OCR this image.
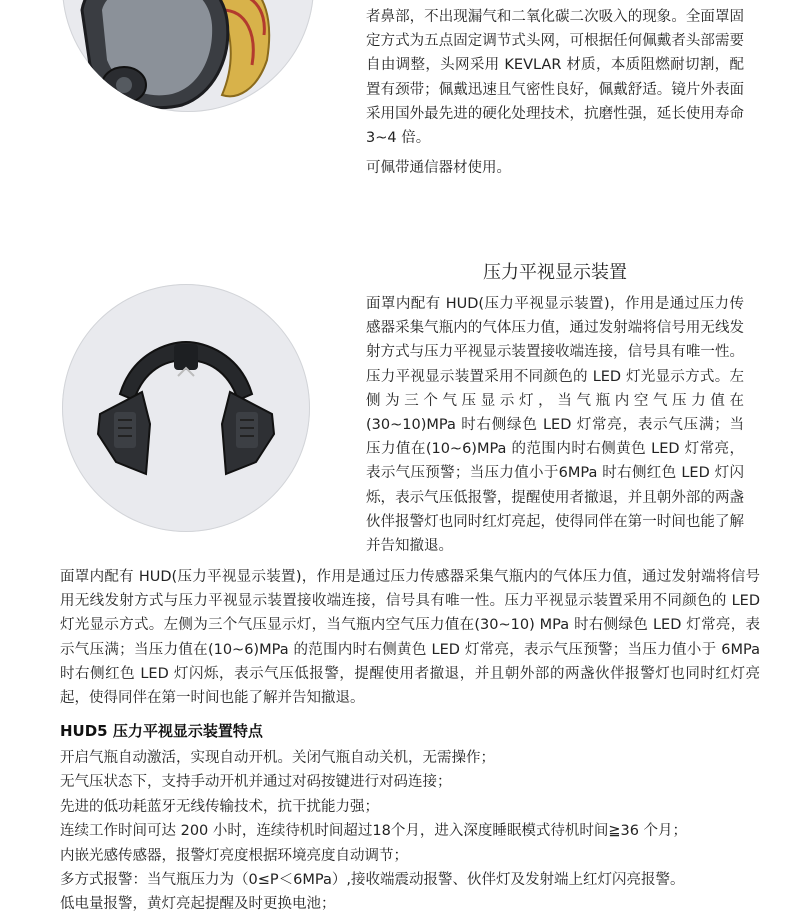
者鼻部，不出现漏气和二氧化碳二次吸入的现象。全面罩固定方式为五点固定调节式头网，可根据任何佩戴者头部需要自由调整，头网采用 KEVLAR 材质，本质阻燃耐切割，配置有颈带；佩戴迅速且气密性良好，佩戴舒适。镜片外表面采用国外最先进的硬化处理技术，抗磨性强，延长使用寿命 3~4 倍。

可佩带通信器材使用。

压力平视显示装置

面罩内配有 HUD(压力平视显示装置)，作用是通过压力传感器采集气瓶内的气体压力值，通过发射端将信号用无线发射方式与压力平视显示装置接收端连接，信号具有唯一性。压力平视显示装置采用不同颜色的 LED 灯光显示方式。左侧为三个气压显示灯，当气瓶内空气压力值在(30~10)MPa 时右侧绿色 LED 灯常亮，表示气压满；当压力值在(10~6)MPa 的范围内时右侧黄色 LED 灯常亮，表示气压预警；当压力值小于6MPa 时右侧红色 LED 灯闪烁，表示气压低报警，提醒使用者撤退，并且朝外部的两盏伙伴报警灯也同时红灯亮起，使得同伴在第一时间也能了解并告知撤退。

面罩内配有 HUD(压力平视显示装置)，作用是通过压力传感器采集气瓶内的气体压力值，通过发射端将信号用无线发射方式与压力平视显示装置接收端连接，信号具有唯一性。压力平视显示装置采用不同颜色的 LED 灯光显示方式。左侧为三个气压显示灯，当气瓶内空气压力值在(30~10) MPa 时右侧绿色 LED 灯常亮，表示气压满；当压力值在(10~6)MPa 的范围内时右侧黄色 LED 灯常亮，表示气压预警；当压力值小于 6MPa 时右侧红色 LED 灯闪烁，表示气压低报警，提醒使用者撤退，并且朝外部的两盏伙伴报警灯也同时红灯亮起，使得同伴在第一时间也能了解并告知撤退。

HUD5 压力平视显示装置特点
开启气瓶自动激活，实现自动开机。关闭气瓶自动关机，无需操作；
无气压状态下，支持手动开机并通过对码按键进行对码连接；
先进的低功耗蓝牙无线传输技术，抗干扰能力强；
连续工作时间可达 200 小时，连续待机时间超过18个月，进入深度睡眠模式待机时间≧36 个月；
内嵌光感传感器，报警灯亮度根据环境亮度自动调节；
多方式报警：当气瓶压力为（0≤P＜6MPa）,接收端震动报警、伙伴灯及发射端上红灯闪亮报警。
低电量报警，黄灯亮起提醒及时更换电池；
